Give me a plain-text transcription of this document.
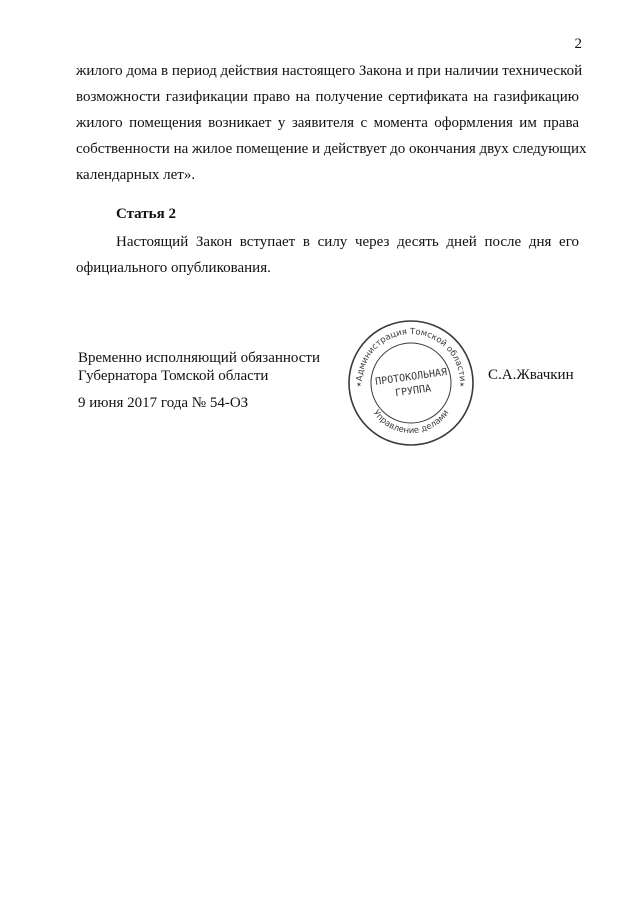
2
жилого дома в период действия настоящего Закона и при наличии технической
возможности газификации право на получение сертификата на газификацию
жилого помещения возникает у заявителя с момента оформления им права
собственности на жилое помещение и действует до окончания двух следующих
календарных лет».
Статья 2
Настоящий Закон вступает в силу через десять дней после дня его
официального опубликования.
Временно исполняющий обязанности
Губернатора Томской области	С.А.Жвачкин
9 июня 2017 года № 54-ОЗ
Администрация Томской области
Управление делами
✶	✶
ПРОТОКОЛЬНАЯ
ГРУППА
